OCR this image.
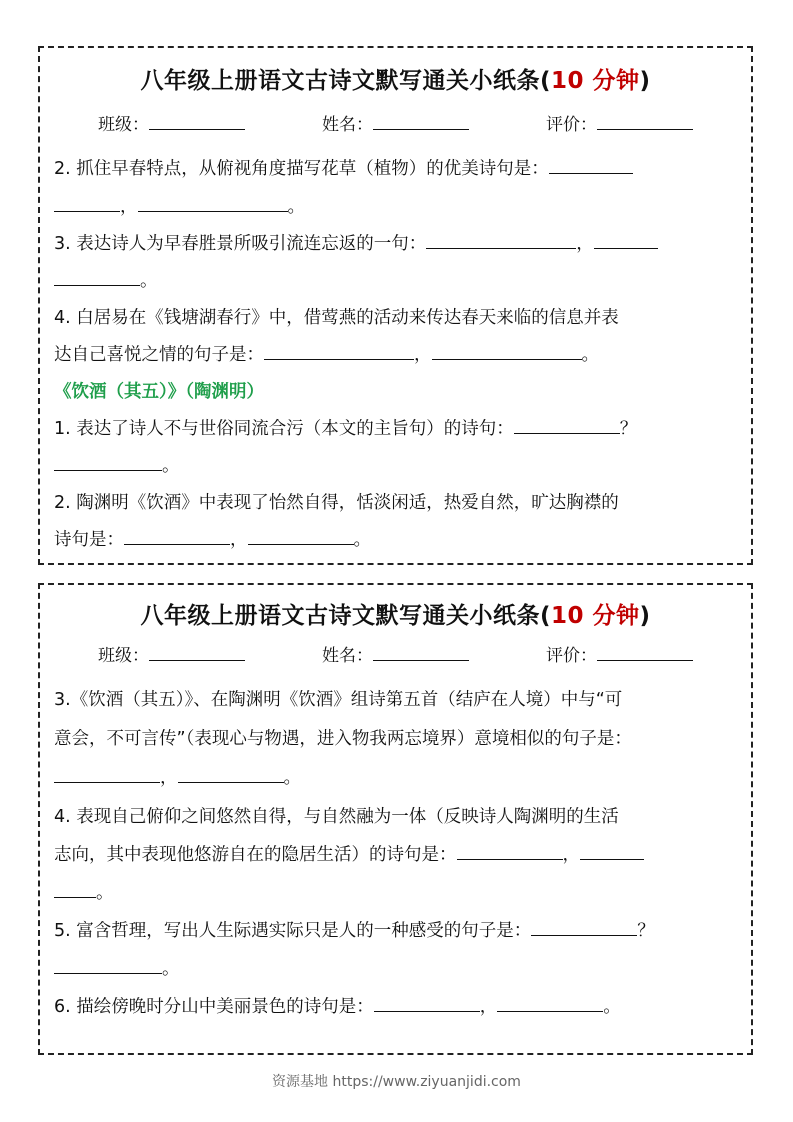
八年级上册语文古诗文默写通关小纸条(10 分钟)
班级：	姓名：	评价：
2. 抓住早春特点，从俯视角度描写花草（植物）的优美诗句是：
，	。
3. 表达诗人为早春胜景所吸引流连忘返的一句：	，
。
4. 白居易在《钱塘湖春行》中，借莺燕的活动来传达春天来临的信息并表
达自己喜悦之情的句子是：	，	。
《饮酒（其五）》（陶渊明）
1. 表达了诗人不与世俗同流合污（本文的主旨句）的诗句：	？
。
2. 陶渊明《饮酒》中表现了怡然自得，恬淡闲适，热爱自然，旷达胸襟的
诗句是：	，	。
八年级上册语文古诗文默写通关小纸条(10 分钟)
班级：	姓名：	评价：
3.《饮酒（其五）》、在陶渊明《饮酒》组诗第五首（结庐在人境）中与“可
意会，不可言传”（表现心与物遇，进入物我两忘境界）意境相似的句子是：
，	。
4. 表现自己俯仰之间悠然自得，与自然融为一体（反映诗人陶渊明的生活
志向，其中表现他悠游自在的隐居生活）的诗句是：	，
。
5. 富含哲理，写出人生际遇实际只是人的一种感受的句子是：	？
。
6. 描绘傍晚时分山中美丽景色的诗句是：	，	。
资源基地 https://www.ziyuanjidi.com
